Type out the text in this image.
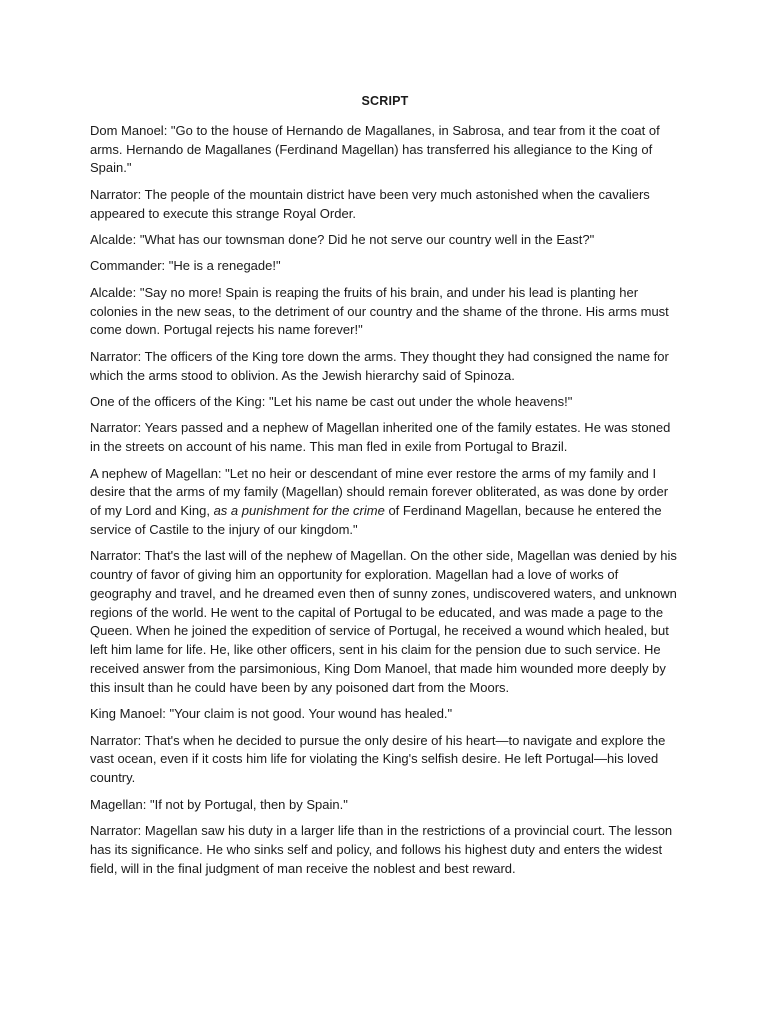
SCRIPT

Dom Manoel: "Go to the house of Hernando de Magallanes, in Sabrosa, and tear from it the coat of arms. Hernando de Magallanes (Ferdinand Magellan) has transferred his allegiance to the King of Spain."

Narrator: The people of the mountain district have been very much astonished when the cavaliers appeared to execute this strange Royal Order.

Alcalde: "What has our townsman done? Did he not serve our country well in the East?"

Commander: "He is a renegade!"

Alcalde: "Say no more! Spain is reaping the fruits of his brain, and under his lead is planting her colonies in the new seas, to the detriment of our country and the shame of the throne. His arms must come down. Portugal rejects his name forever!"

Narrator: The officers of the King tore down the arms. They thought they had consigned the name for which the arms stood to oblivion. As the Jewish hierarchy said of Spinoza.

One of the officers of the King: "Let his name be cast out under the whole heavens!"

Narrator: Years passed and a nephew of Magellan inherited one of the family estates. He was stoned in the streets on account of his name. This man fled in exile from Portugal to Brazil.

A nephew of Magellan: "Let no heir or descendant of mine ever restore the arms of my family and I desire that the arms of my family (Magellan) should remain forever obliterated, as was done by order of my Lord and King, as a punishment for the crime of Ferdinand Magellan, because he entered the service of Castile to the injury of our kingdom."

Narrator: That's the last will of the nephew of Magellan. On the other side, Magellan was denied by his country of favor of giving him an opportunity for exploration. Magellan had a love of works of geography and travel, and he dreamed even then of sunny zones, undiscovered waters, and unknown regions of the world. He went to the capital of Portugal to be educated, and was made a page to the Queen. When he joined the expedition of service of Portugal, he received a wound which healed, but left him lame for life. He, like other officers, sent in his claim for the pension due to such service. He received answer from the parsimonious, King Dom Manoel, that made him wounded more deeply by this insult than he could have been by any poisoned dart from the Moors.

King Manoel: "Your claim is not good. Your wound has healed."

Narrator: That's when he decided to pursue the only desire of his heart—to navigate and explore the vast ocean, even if it costs him life for violating the King's selfish desire. He left Portugal—his loved country.

Magellan: "If not by Portugal, then by Spain."

Narrator: Magellan saw his duty in a larger life than in the restrictions of a provincial court. The lesson has its significance. He who sinks self and policy, and follows his highest duty and enters the widest field, will in the final judgment of man receive the noblest and best reward.
